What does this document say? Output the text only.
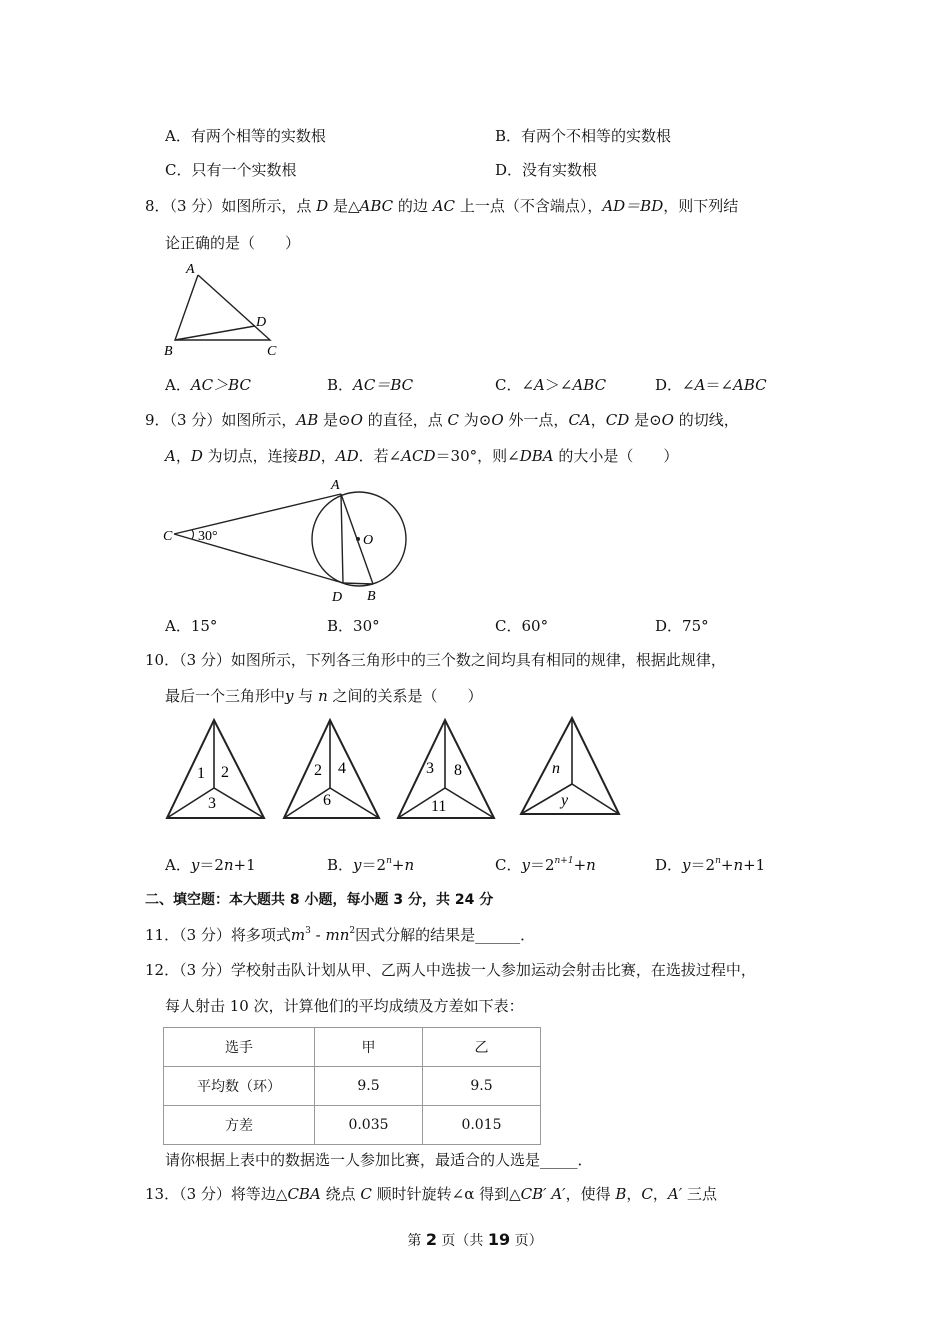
A．有两个相等的实数根	B．有两个不相等的实数根
C．只有一个实数根	D．没有实数根
8．（3 分）如图所示，点 D 是△ABC 的边 AC 上一点（不含端点），AD＝BD，则下列结
论正确的是（　　）
A
B	C
D
A．AC＞BC	B．AC＝BC	C．∠A＞∠ABC	D．∠A＝∠ABC
9．（3 分）如图所示，AB 是⊙O 的直径，点 C 为⊙O 外一点，CA，CD 是⊙O 的切线，
A，D 为切点，连接BD，AD．若∠ACD＝30°，则∠DBA 的大小是（　　）
A
C	O
D B
30°
A．15°	B．30°	C．60°	D．75°
10．（3 分）如图所示，下列各三角形中的三个数之间均具有相同的规律，根据此规律，
最后一个三角形中y 与 n 之间的关系是（　　）
1 2
3
2 4
6
3 8
11
n
y
A．y＝2n+1	B．$y=2^n+n$	C．$y=2^{n+1}+n$	D．$y=2^n+n+1$
二、填空题：本大题共 8 小题，每小题 3 分，共 24 分
11．（3 分）将多项式$m^3 - mn^2$因式分解的结果是______．
12．（3 分）学校射击队计划从甲、乙两人中选拔一人参加运动会射击比赛，在选拔过程中，
每人射击 10 次，计算他们的平均成绩及方差如下表：
选手	甲	乙
平均数（环）	9.5	9.5
方差	0.035	0.015
请你根据上表中的数据选一人参加比赛，最适合的人选是_____．
13．（3 分）将等边△CBA 绕点 C 顺时针旋转∠α 得到△CB′ A′，使得 B，C，A′ 三点
第 2 页（共 19 页）
